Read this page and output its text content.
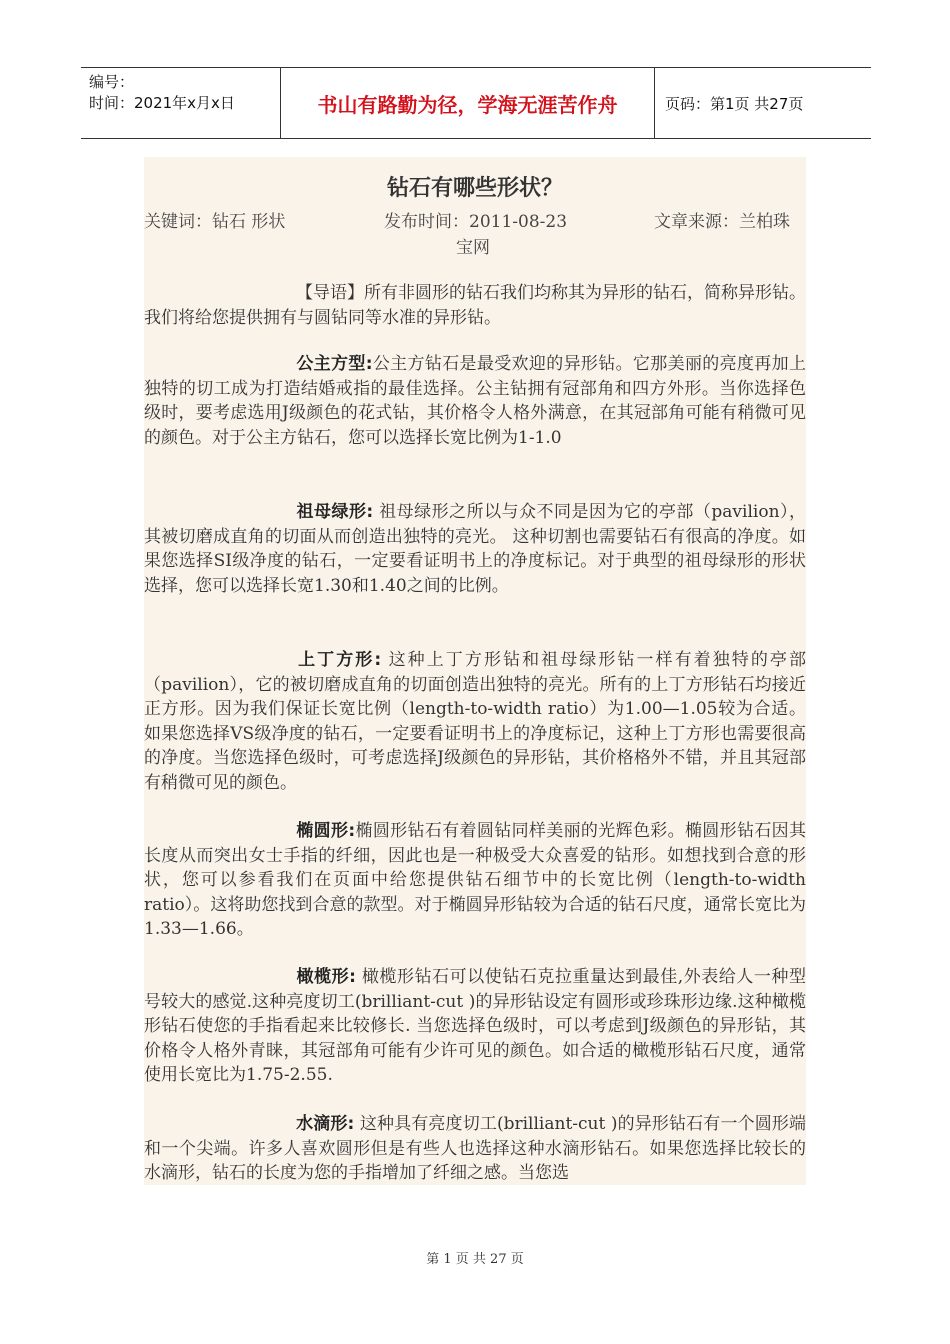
编号：
时间：2021年x月x日	书山有路勤为径，学海无涯苦作舟	页码：第1页 共27页
钻石有哪些形状？
关键词：钻石 形状	发布时间：2011-08-23	文章来源：兰柏珠
宝网
【导语】所有非圆形的钻石我们均称其为异形的钻石，简称异形钻。我们将给您提供拥有与圆钻同等水准的异形钻。
公主方型:公主方钻石是最受欢迎的异形钻。它那美丽的亮度再加上独特的切工成为打造结婚戒指的最佳选择。公主钻拥有冠部角和四方外形。当你选择色级时，要考虑选用J级颜色的花式钻，其价格令人格外满意，在其冠部角可能有稍微可见的颜色。对于公主方钻石，您可以选择长宽比例为1-1.0
祖母绿形: 祖母绿形之所以与众不同是因为它的亭部（pavilion），其被切磨成直角的切面从而创造出独特的亮光。 这种切割也需要钻石有很高的净度。如果您选择SI级净度的钻石，一定要看证明书上的净度标记。对于典型的祖母绿形的形状选择，您可以选择长宽1.30和1.40之间的比例。
上丁方形: 这种上丁方形钻和祖母绿形钻一样有着独特的亭部（pavilion），它的被切磨成直角的切面创造出独特的亮光。所有的上丁方形钻石均接近正方形。因为我们保证长宽比例（length-to-width ratio）为1.00—1.05较为合适。如果您选择VS级净度的钻石，一定要看证明书上的净度标记，这种上丁方形也需要很高的净度。当您选择色级时，可考虑选择J级颜色的异形钻，其价格格外不错，并且其冠部有稍微可见的颜色。
椭圆形:椭圆形钻石有着圆钻同样美丽的光辉色彩。椭圆形钻石因其长度从而突出女士手指的纤细，因此也是一种极受大众喜爱的钻形。如想找到合意的形状，您可以参看我们在页面中给您提供钻石细节中的长宽比例（length-to-width ratio）。这将助您找到合意的款型。对于椭圆异形钻较为合适的钻石尺度，通常长宽比为1.33—1.66。
橄榄形: 橄榄形钻石可以使钻石克拉重量达到最佳,外表给人一种型号较大的感觉.这种亮度切工(brilliant-cut )的异形钻设定有圆形或珍珠形边缘.这种橄榄形钻石使您的手指看起来比较修长. 当您选择色级时，可以考虑到J级颜色的异形钻，其价格令人格外青睐，其冠部角可能有少许可见的颜色。如合适的橄榄形钻石尺度，通常使用长宽比为1.75-2.55.
水滴形: 这种具有亮度切工(brilliant-cut )的异形钻石有一个圆形端和一个尖端。许多人喜欢圆形但是有些人也选择这种水滴形钻石。如果您选择比较长的水滴形，钻石的长度为您的手指增加了纤细之感。当您选
第 1 页 共 27 页
